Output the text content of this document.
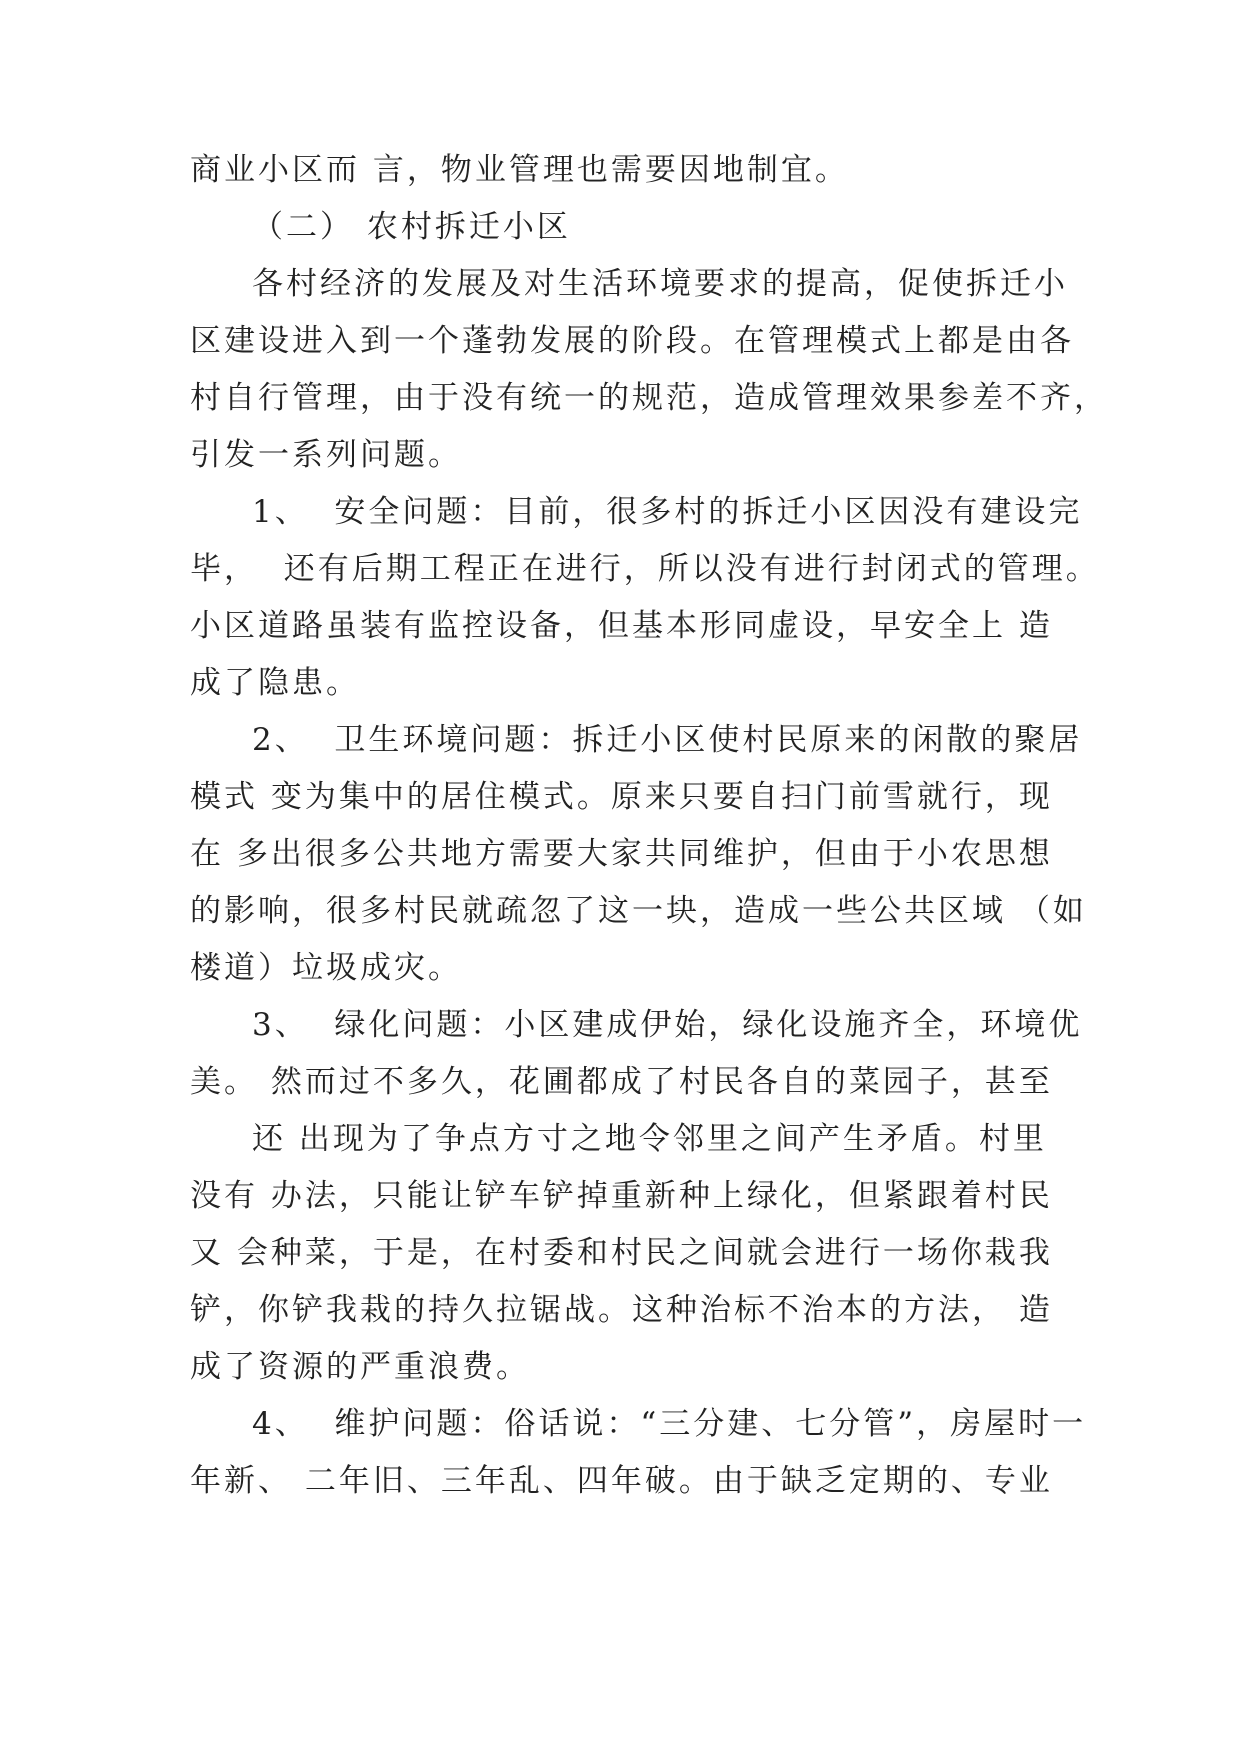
商业小区而 言，物业管理也需要因地制宜。
（二） 农村拆迁小区
各村经济的发展及对生活环境要求的提高，促使拆迁小
区建设进入到一个蓬勃发展的阶段。在管理模式上都是由各
村自行管理，由于没有统一的规范，造成管理效果参差不齐，
引发一系列问题。
1、  安全问题：目前，很多村的拆迁小区因没有建设完
毕，  还有后期工程正在进行，所以没有进行封闭式的管理。
小区道路虽装有监控设备，但基本形同虚设，早安全上 造
成了隐患。
2、  卫生环境问题：拆迁小区使村民原来的闲散的聚居
模式 变为集中的居住模式。原来只要自扫门前雪就行，现
在 多出很多公共地方需要大家共同维护，但由于小农思想
的影响，很多村民就疏忽了这一块，造成一些公共区域 （如
楼道）垃圾成灾。
3、  绿化问题：小区建成伊始，绿化设施齐全，环境优
美。 然而过不多久，花圃都成了村民各自的菜园子，甚至
还 出现为了争点方寸之地令邻里之间产生矛盾。村里
没有 办法，只能让铲车铲掉重新种上绿化，但紧跟着村民
又 会种菜，于是，在村委和村民之间就会进行一场你栽我
铲，你铲我栽的持久拉锯战。这种治标不治本的方法， 造
成了资源的严重浪费。
4、  维护问题：俗话说：“三分建、七分管”，房屋时一
年新、 二年旧、三年乱、四年破。由于缺乏定期的、专业
